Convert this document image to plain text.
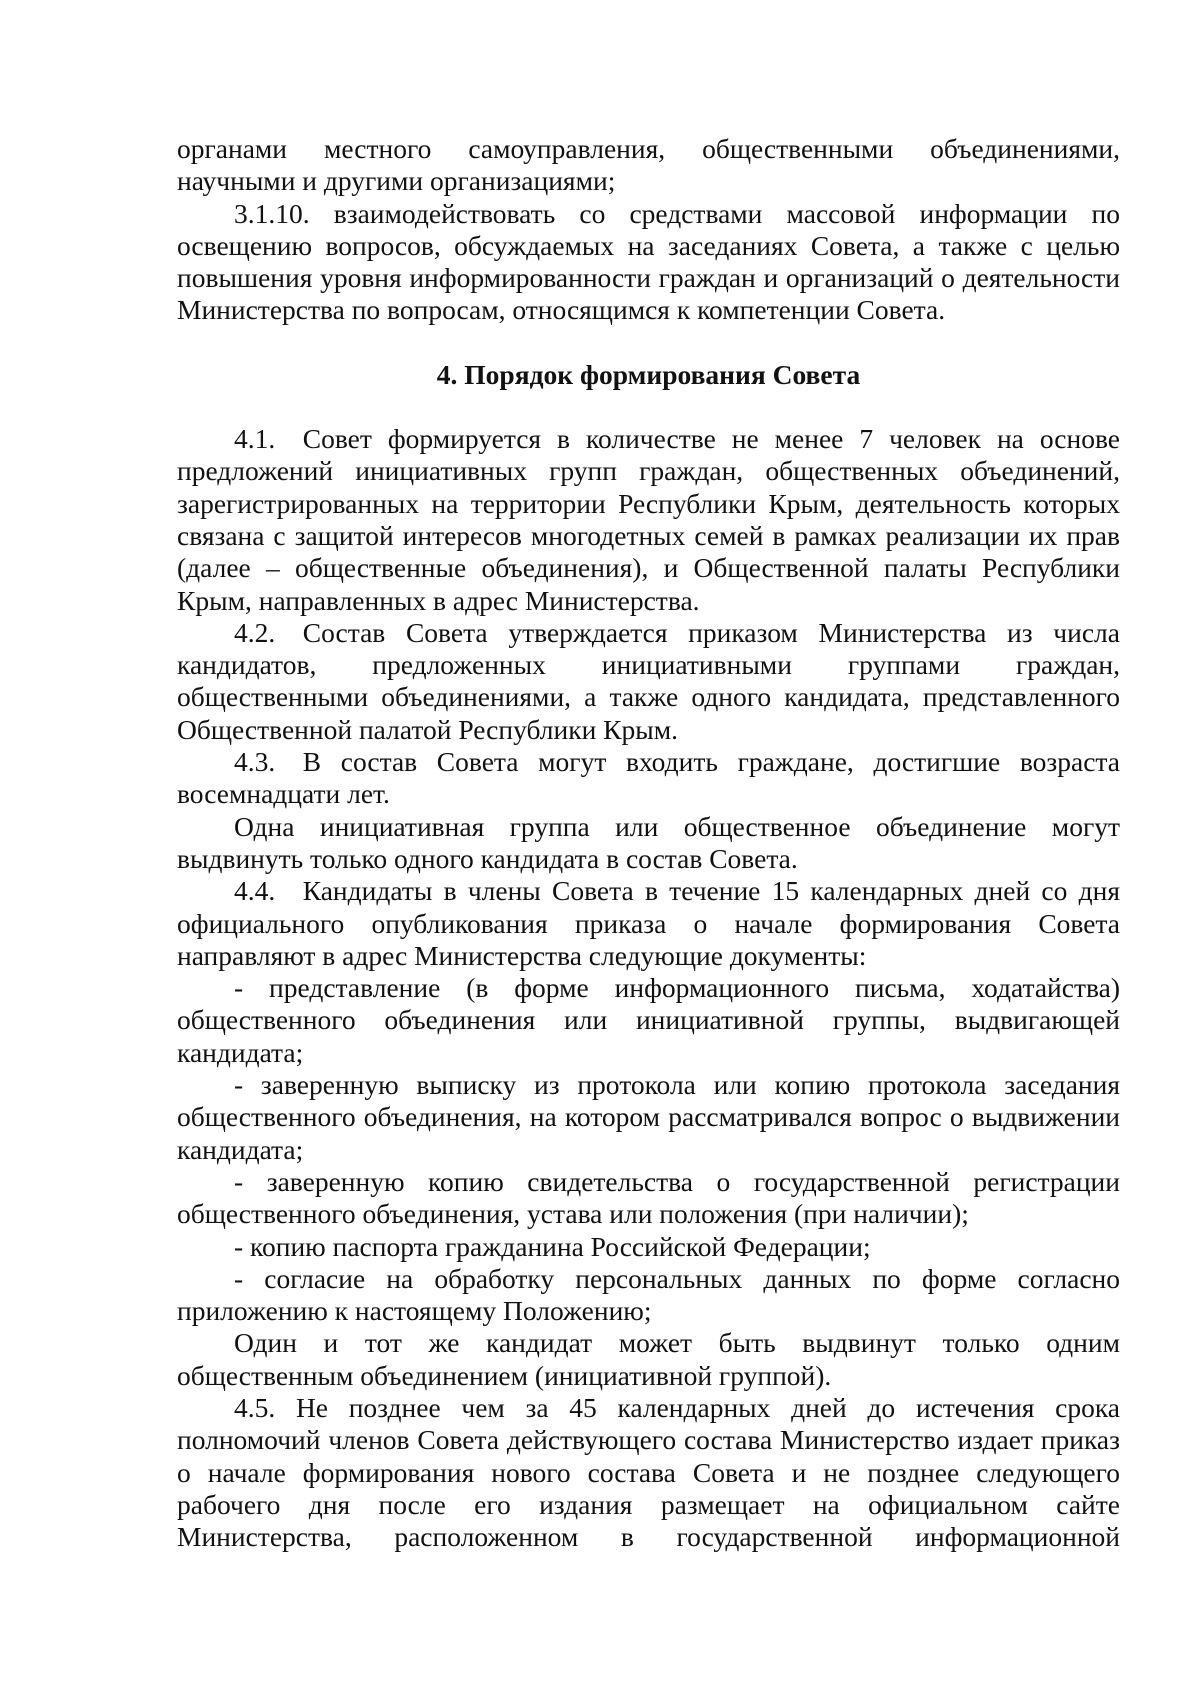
органами местного самоуправления, общественными объединениями, научными и другими организациями;

3.1.10. взаимодействовать со средствами массовой информации по освещению вопросов, обсуждаемых на заседаниях Совета, а также с целью повышения уровня информированности граждан и организаций о деятельности Министерства по вопросам, относящимся к компетенции Совета.

4. Порядок формирования Совета

4.1. Совет формируется в количестве не менее 7 человек на основе предложений инициативных групп граждан, общественных объединений, зарегистрированных на территории Республики Крым, деятельность которых связана с защитой интересов многодетных семей в рамках реализации их прав (далее – общественные объединения), и Общественной палаты Республики Крым, направленных в адрес Министерства.

4.2. Состав Совета утверждается приказом Министерства из числа кандидатов, предложенных инициативными группами граждан, общественными объединениями, а также одного кандидата, представленного Общественной палатой Республики Крым.

4.3. В состав Совета могут входить граждане, достигшие возраста восемнадцати лет.

Одна инициативная группа или общественное объединение могут выдвинуть только одного кандидата в состав Совета.

4.4. Кандидаты в члены Совета в течение 15 календарных дней со дня официального опубликования приказа о начале формирования Совета направляют в адрес Министерства следующие документы:

- представление (в форме информационного письма, ходатайства) общественного объединения или инициативной группы, выдвигающей кандидата;

- заверенную выписку из протокола или копию протокола заседания общественного объединения, на котором рассматривался вопрос о выдвижении кандидата;

- заверенную копию свидетельства о государственной регистрации общественного объединения, устава или положения (при наличии);

- копию паспорта гражданина Российской Федерации;

- согласие на обработку персональных данных по форме согласно приложению к настоящему Положению;

Один и тот же кандидат может быть выдвинут только одним общественным объединением (инициативной группой).

4.5. Не позднее чем за 45 календарных дней до истечения срока полномочий членов Совета действующего состава Министерство издает приказ о начале формирования нового состава Совета и не позднее следующего рабочего дня после его издания размещает на официальном сайте Министерства, расположенном в государственной информационной
